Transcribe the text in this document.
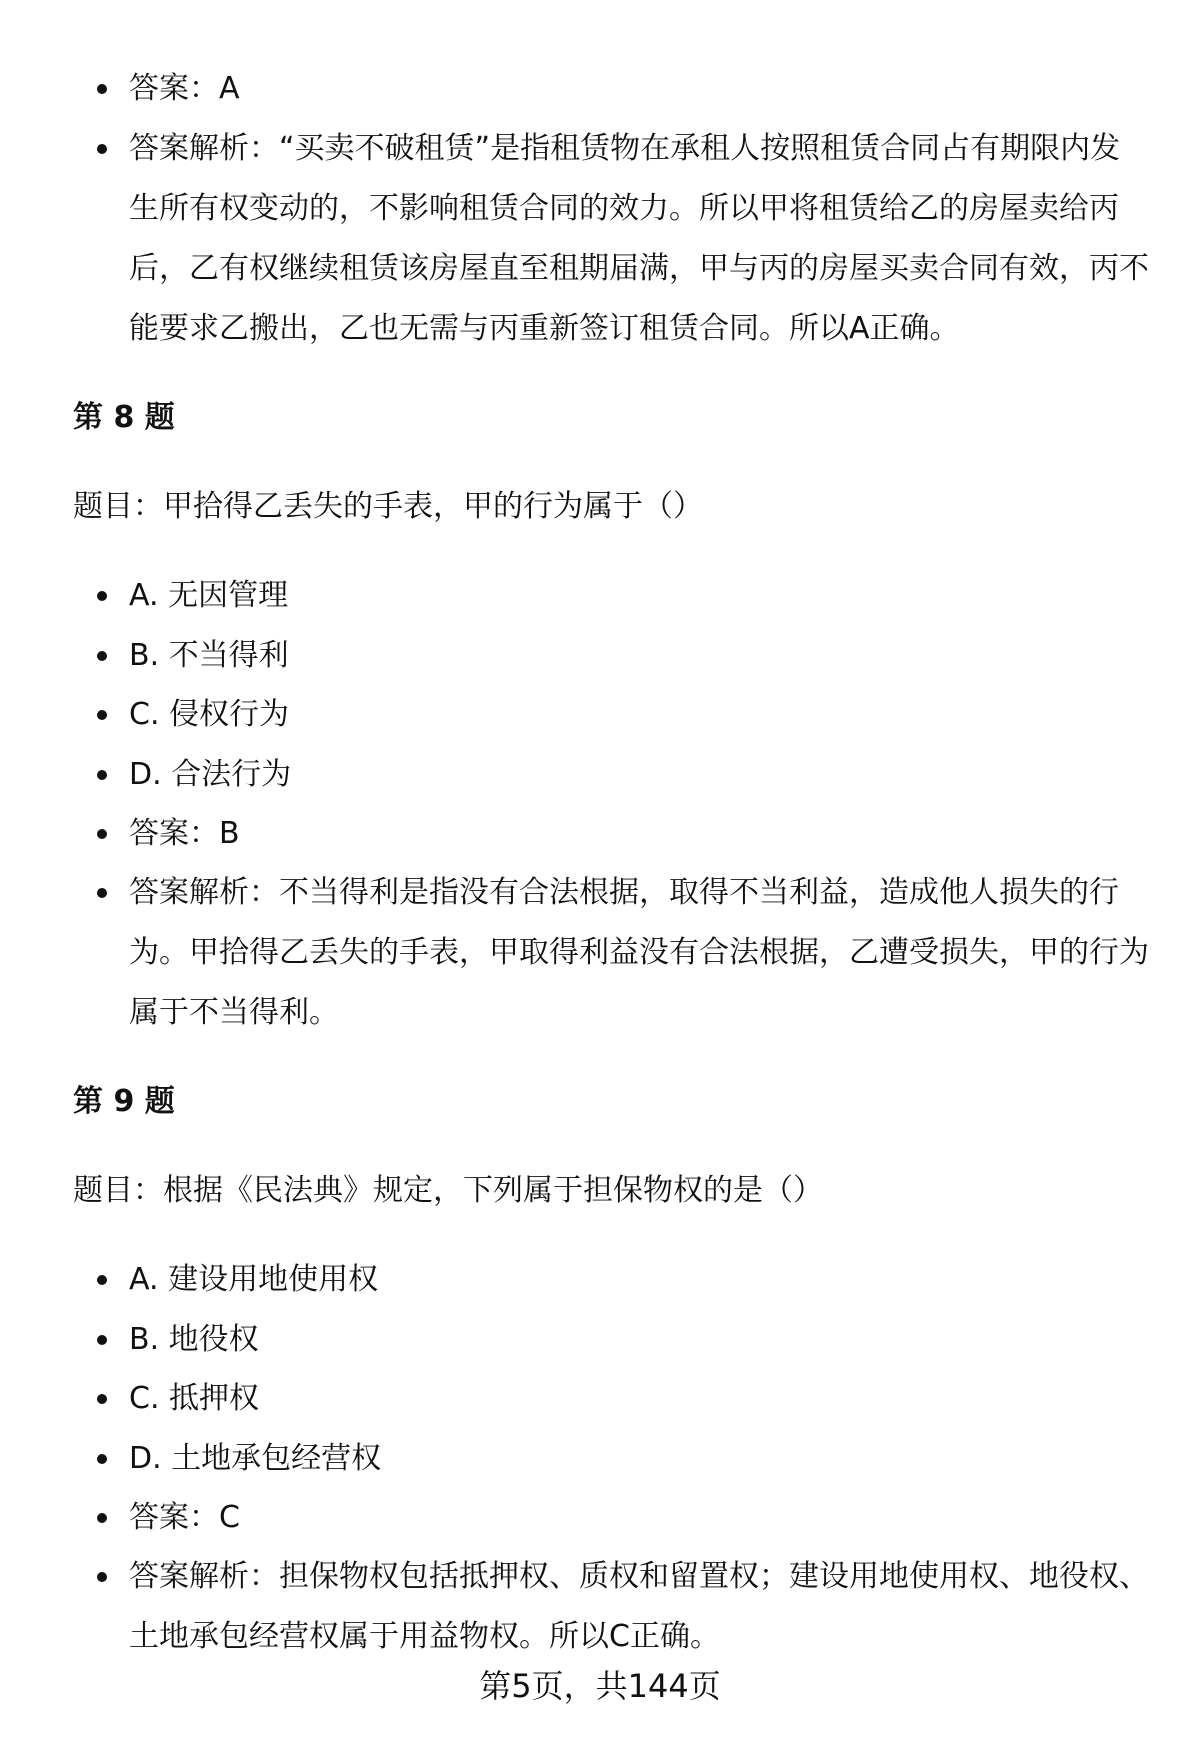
答案：A
答案解析：“买卖不破租赁”是指租赁物在承租人按照租赁合同占有期限内发生所有权变动的，不影响租赁合同的效力。所以甲将租赁给乙的房屋卖给丙后，乙有权继续租赁该房屋直至租期届满，甲与丙的房屋买卖合同有效，丙不能要求乙搬出，乙也无需与丙重新签订租赁合同。所以A正确。
第 8 题
题目：甲拾得乙丢失的手表，甲的行为属于（）
A. 无因管理
B. 不当得利
C. 侵权行为
D. 合法行为
答案：B
答案解析：不当得利是指没有合法根据，取得不当利益，造成他人损失的行为。甲拾得乙丢失的手表，甲取得利益没有合法根据，乙遭受损失，甲的行为属于不当得利。
第 9 题
题目：根据《民法典》规定，下列属于担保物权的是（）
A. 建设用地使用权
B. 地役权
C. 抵押权
D. 土地承包经营权
答案：C
答案解析：担保物权包括抵押权、质权和留置权；建设用地使用权、地役权、土地承包经营权属于用益物权。所以C正确。
第5页，共144页
